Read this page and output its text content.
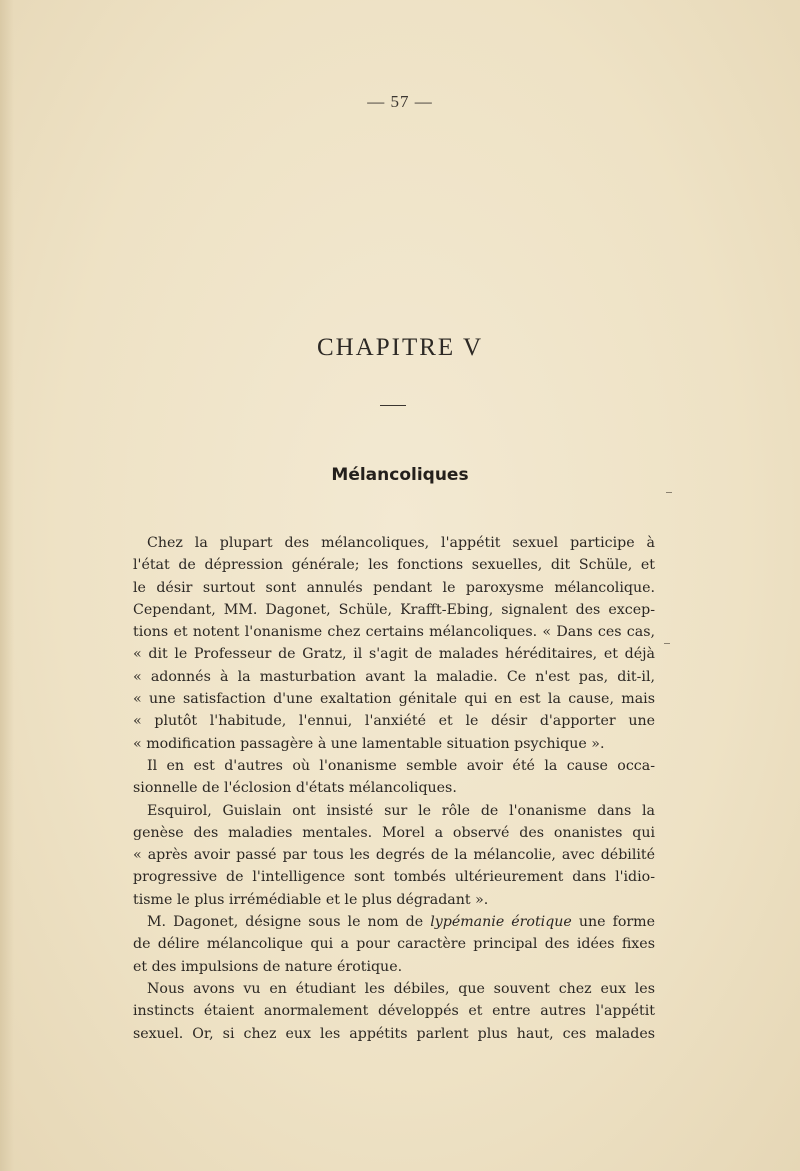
— 57 —
CHAPITRE V
Mélancoliques

Chez la plupart des mélancoliques, l'appétit sexuel participe à

l'état de dépression générale; les fonctions sexuelles, dit Schüle, et

le désir surtout sont annulés pendant le paroxysme mélancolique.

Cependant, MM. Dagonet, Schüle, Krafft-Ebing, signalent des excep-

tions et notent l'onanisme chez certains mélancoliques. « Dans ces cas,

« dit le Professeur de Gratz, il s'agit de malades héréditaires, et déjà

« adonnés à la masturbation avant la maladie. Ce n'est pas, dit-il,

« une satisfaction d'une exaltation génitale qui en est la cause, mais

« plutôt l'habitude, l'ennui, l'anxiété et le désir d'apporter une

« modification passagère à une lamentable situation psychique ».

Il en est d'autres où l'onanisme semble avoir été la cause occa-

sionnelle de l'éclosion d'états mélancoliques.

Esquirol, Guislain ont insisté sur le rôle de l'onanisme dans la

genèse des maladies mentales. Morel a observé des onanistes qui

« après avoir passé par tous les degrés de la mélancolie, avec débilité

progressive de l'intelligence sont tombés ultérieurement dans l'idio-

tisme le plus irrémédiable et le plus dégradant ».

M. Dagonet, désigne sous le nom de lypémanie érotique une forme

de délire mélancolique qui a pour caractère principal des idées fixes

et des impulsions de nature érotique.

Nous avons vu en étudiant les débiles, que souvent chez eux les

instincts étaient anormalement développés et entre autres l'appétit

sexuel. Or, si chez eux les appétits parlent plus haut, ces malades
